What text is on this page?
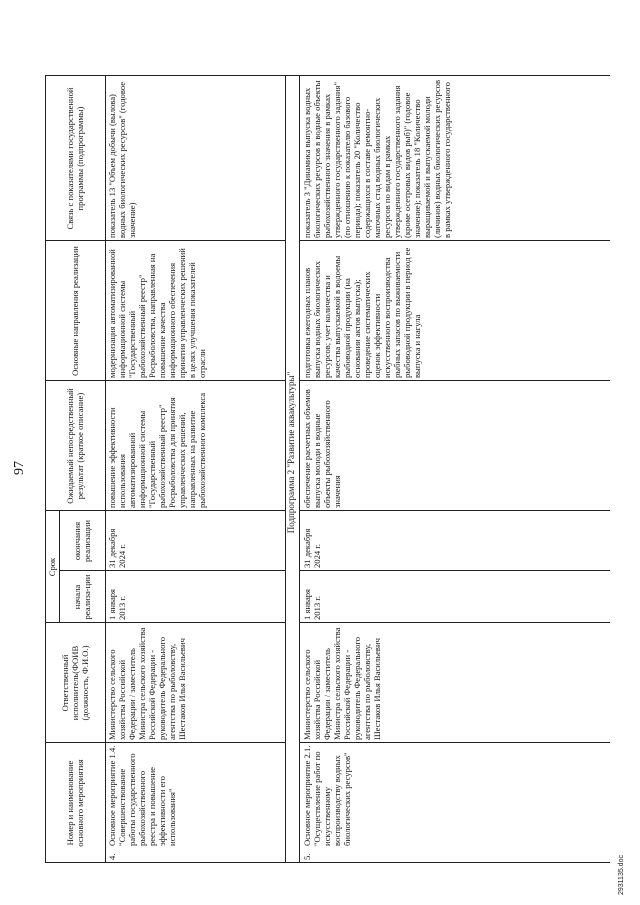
97
Номер и наименование основного мероприятия
Ответственный исполнитель(ФОИВ (должность, Ф.И.О.)
Срок
начала реализа-ции
окончания реализации
Ожидаемый непосредственный результат (краткое описание)
Основные направления реализации
Связь с показателями государственной программы (подпрограммы)
4.
Основное мероприятие 1.4. "Совершенствование работы государственного рыбохозяйственного реестра и повышение эффективности его использования"
Министерство сельского хозяйства Российской Федерации / заместитель Министра сельского хозяйства Российской Федерации - руководитель Федерального агентства по рыболовству, Шестаков Илья Васильевич
1 января 2013 г.
31 декабря 2024 г.
повышение эффективности использования автоматизированной информационной системы "Государственный рыбохозяйственный реестр" Росрыболовства для принятия управленческих решений, направленных на развитие рыбохозяйственного комплекса
модернизация автоматизированной информационной системы "Государственный рыбохозяйственный реестр" Росрыболовства, направленная на повышение качества информационного обеспечения принятия управленческих решений в целях улучшения показателей отрасли
показатель 13 "Объем добычи (вылова) водных биологических ресурсов" (годовое значение)
Подпрограмма 2 "Развитие аквакультуры"
5.
Основное мероприятие 2.1. "Осуществление работ по искусственному воспроизводству водных биологических ресурсов"
Министерство сельского хозяйства Российской Федерации / заместитель Министра сельского хозяйства Российской Федерации - руководитель Федерального агентства по рыболовству, Шестаков Илья Васильевич
1 января 2013 г.
31 декабря 2024 г.
обеспечение расчетных объемов выпуска молоди в водные объекты рыбохозяйственного значения
подготовка ежегодных планов выпуска водных биологических ресурсов; учет количества и качества выпускаемой в водоемы рыбоводной продукции (на основании актов выпуска); проведение систематических оценок эффективности искусственного воспроизводства рыбных запасов по выживаемости рыбоводной продукции в период ее выпуска и нагула
показатель 3 "Динамика выпуска водных биологических ресурсов в водные объекты рыбохозяйственного значения в рамках утвержденного государственного задания" (по отношению к показателю базового периода); показатель 20 "Количество содержащихся в составе ремонтно-маточных стад водных биологических ресурсов по видам в рамках утвержденного государственного задания (кроме осетровых видов рыб)" (годовое значение); показатель 18 "Количество выращиваемой и выпускаемой молоди (личинок) водных биологических ресурсов в рамках утвержденного государственного
2931135.doc
